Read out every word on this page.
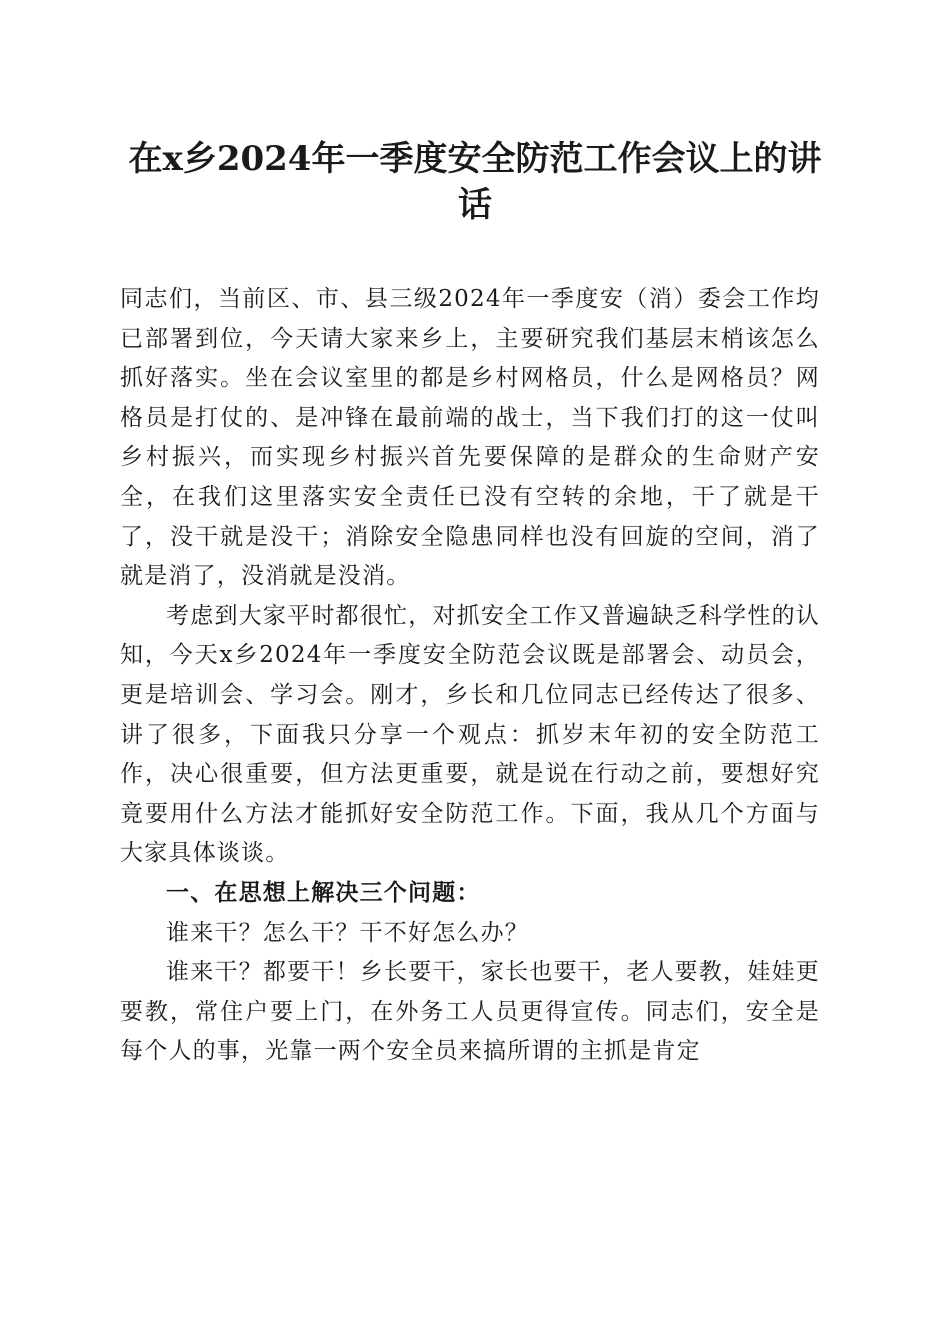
在x乡2024年一季度安全防范工作会议上的讲话

同志们，当前区、市、县三级2024年一季度安（消）委会工作均已部署到位，今天请大家来乡上，主要研究我们基层末梢该怎么抓好落实。坐在会议室里的都是乡村网格员，什么是网格员？网格员是打仗的、是冲锋在最前端的战士，当下我们打的这一仗叫乡村振兴，而实现乡村振兴首先要保障的是群众的生命财产安全，在我们这里落实安全责任已没有空转的余地，干了就是干了，没干就是没干；消除安全隐患同样也没有回旋的空间，消了就是消了，没消就是没消。

考虑到大家平时都很忙，对抓安全工作又普遍缺乏科学性的认知，今天x乡2024年一季度安全防范会议既是部署会、动员会，更是培训会、学习会。刚才，乡长和几位同志已经传达了很多、讲了很多，下面我只分享一个观点：抓岁末年初的安全防范工作，决心很重要，但方法更重要，就是说在行动之前，要想好究竟要用什么方法才能抓好安全防范工作。下面，我从几个方面与大家具体谈谈。

一、在思想上解决三个问题：

谁来干？怎么干？干不好怎么办？

谁来干？都要干！乡长要干，家长也要干，老人要教，娃娃更要教，常住户要上门，在外务工人员更得宣传。同志们，安全是每个人的事，光靠一两个安全员来搞所谓的主抓是肯定
